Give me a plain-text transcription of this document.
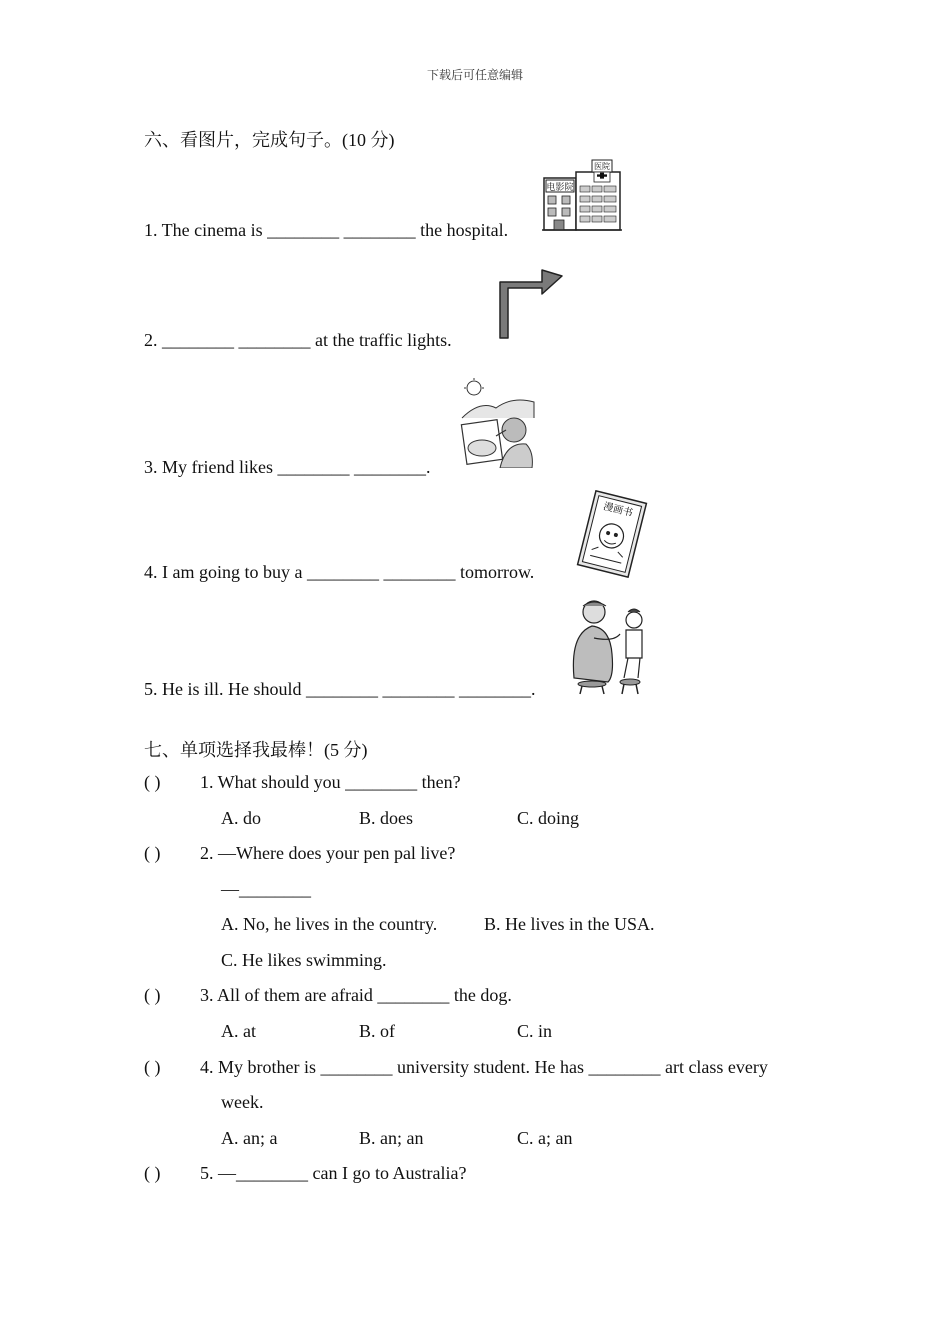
下载后可任意编辑
六、看图片，完成句子。(10 分)
1. The cinema is ________ ________ the hospital.
电影院
医院
2. ________ ________ at the traffic lights.
3. My friend likes ________ ________.
4. I am going to buy a ________ ________ tomorrow.
漫画书
5. He is ill. He should ________ ________ ________.
七、单项选择我最棒！(5 分)
( ) 1. What should you ________ then?
A. do	B. does	C. doing
( ) 2. —Where does your pen pal live?
—________
A. No, he lives in the country.	B. He lives in the USA.
C. He likes swimming.
( ) 3. All of them are afraid ________ the dog.
A. at	B. of	C. in
( ) 4. My brother is ________ university student. He has ________ art class every
week.
A. an; a	B. an; an	C. a; an
( ) 5. —________ can I go to Australia?
